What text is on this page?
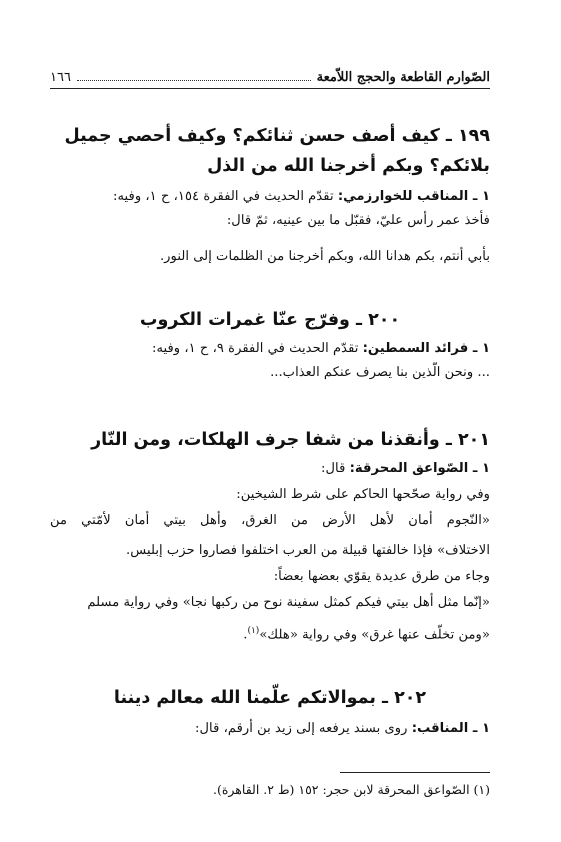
الصّوارم القاطعة والحجج اللاّمعة
١٦٦
١٩٩ ـ كيف أصف حسن ثنائكم؟ وكيف أحصي جميل
بلائكم؟ وبكم أخرجنا الله من الذل
١ ـ المناقب للخوارزمي: تقدّم الحديث في الفقرة ١٥٤، ح ١، وفيه:
فأخذ عمر رأس عليّ، فقبّل ما بين عينيه، ثمّ قال:
بأبي أنتم، بكم هدانا الله، وبكم أخرجنا من الظلمات إلى النور.
٢٠٠ ـ وفرّج عنّا غمرات الكروب
١ ـ فرائد السمطين: تقدّم الحديث في الفقرة ٩، ح ١، وفيه:
... ونحن الّذين بنا يصرف عنكم العذاب...
٢٠١ ـ وأنقذنا من شفا جرف الهلكات، ومن النّار
١ ـ الصّواعق المحرقة: قال:
وفي رواية صحّحها الحاكم على شرط الشيخين:
«النّجوم أمان لأهل الأرض من الغرق، وأهل بيتي أمان لأمّتي من
الاختلاف» فإذا خالفتها قبيلة من العرب اختلفوا فصاروا حزب إبليس.
وجاء من طرق عديدة يقوّي بعضها بعضاً:
«إنّما مثل أهل بيتي فيكم كمثل سفينة نوح من ركبها نجا» وفي رواية مسلم
«ومن تخلّف عنها غرق» وفي رواية «هلك»$^{(١)}$.
٢٠٢ ـ بموالاتكم علّمنا الله معالم ديننا
١ ـ المناقب: روى بسند يرفعه إلى زيد بن أرقم، قال:
(١) الصّواعق المحرقة لابن حجر: ١٥٢ (ط ٢. القاهرة).
